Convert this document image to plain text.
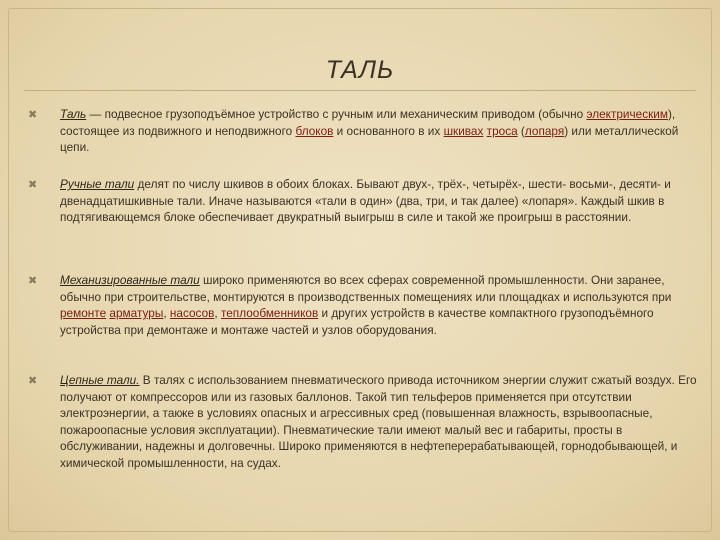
ТАЛЬ
✖ Таль — подвесное грузоподъёмное устройство с ручным или механическим приводом (обычно электрическим), состоящее из подвижного и неподвижного блоков и основанного в их шкивах троса (лопаря) или металлической цепи.
✖ Ручные тали делят по числу шкивов в обоих блоках. Бывают двух-, трёх-, четырёх-, шести- восьми-, десяти- и двенадцатишкивные тали. Иначе называются «тали в один» (два, три, и так далее) «лопаря». Каждый шкив в подтягивающемся блоке обеспечивает двукратный выигрыш в силе и такой же проигрыш в расстоянии.
✖ Механизированные тали широко применяются во всех сферах современной промышленности. Они заранее, обычно при строительстве, монтируются в производственных помещениях или площадках и используются при ремонте арматуры, насосов, теплообменников и других устройств в качестве компактного грузоподъёмного устройства при демонтаже и монтаже частей и узлов оборудования.
✖ Цепные тали. В талях с использованием пневматического привода источником энергии служит сжатый воздух. Его получают от компрессоров или из газовых баллонов. Такой тип тельферов применяется при отсутствии электроэнергии, а также в условиях опасных и агрессивных сред (повышенная влажность, взрывоопасные, пожароопасные условия эксплуатации). Пневматические тали имеют малый вес и габариты, просты в обслуживании, надежны и долговечны. Широко применяются в нефтеперерабатывающей, горнодобывающей, и химической промышленности, на судах.
